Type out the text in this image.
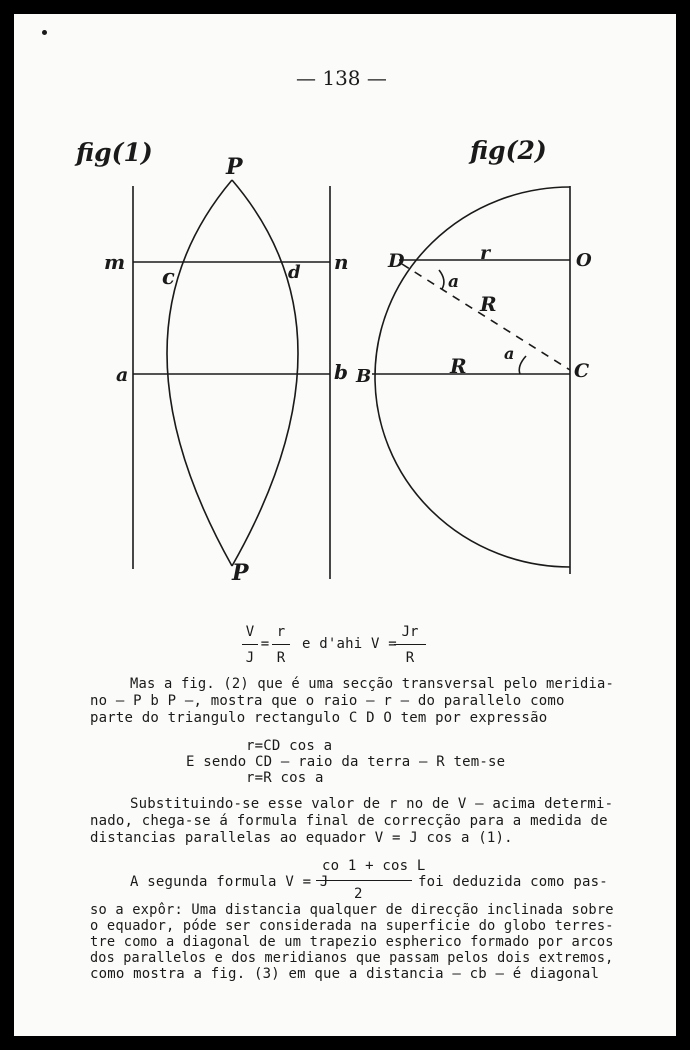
— 138 —
fig(1)	P
m
c	d n
a	b
P
fig(2)
D	r	O
a
R
a
B	R	C
V
J
=
r
R
e d'ahi V =
Jr
R
Mas a fig. (2) que é uma secção transversal pelo meridia-
no — P b P —, mostra que o raio — r — do parallelo como
parte do triangulo rectangulo C D O tem por expressão
r=CD cos a
E sendo CD — raio da terra — R tem-se
r=R cos a
Substituindo-se esse valor de r no de V — acima determi-
nado, chega-se á formula final de correcção para a medida de
distancias parallelas ao equador V = J cos a (1).
co 1 + cos L
A segunda formula V = J	foi deduzida como pas-
2
so a expôr: Uma distancia qualquer de direcção inclinada sobre
o equador, póde ser considerada na superficie do globo terres-
tre como a diagonal de um trapezio espherico formado por arcos
dos parallelos e dos meridianos que passam pelos dois extremos,
como mostra a fig. (3) em que a distancia — cb — é diagonal
